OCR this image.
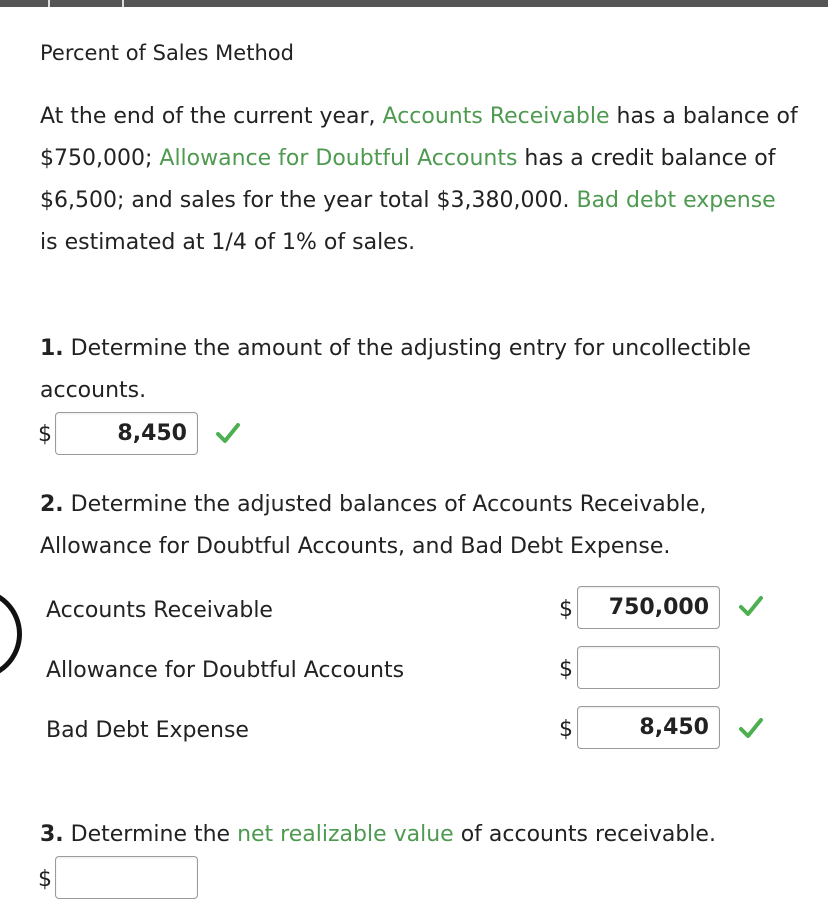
Percent of Sales Method
At the end of the current year, Accounts Receivable has a balance of $750,000; Allowance for Doubtful Accounts has a credit balance of $6,500; and sales for the year total $3,380,000. Bad debt expense is estimated at 1/4 of 1% of sales.
1. Determine the amount of the adjusting entry for uncollectible accounts.
$	8,450
2. Determine the adjusted balances of Accounts Receivable, Allowance for Doubtful Accounts, and Bad Debt Expense.
Accounts Receivable	$	750,000
Allowance for Doubtful Accounts	$
Bad Debt Expense	$	8,450
3. Determine the net realizable value of accounts receivable.
$
